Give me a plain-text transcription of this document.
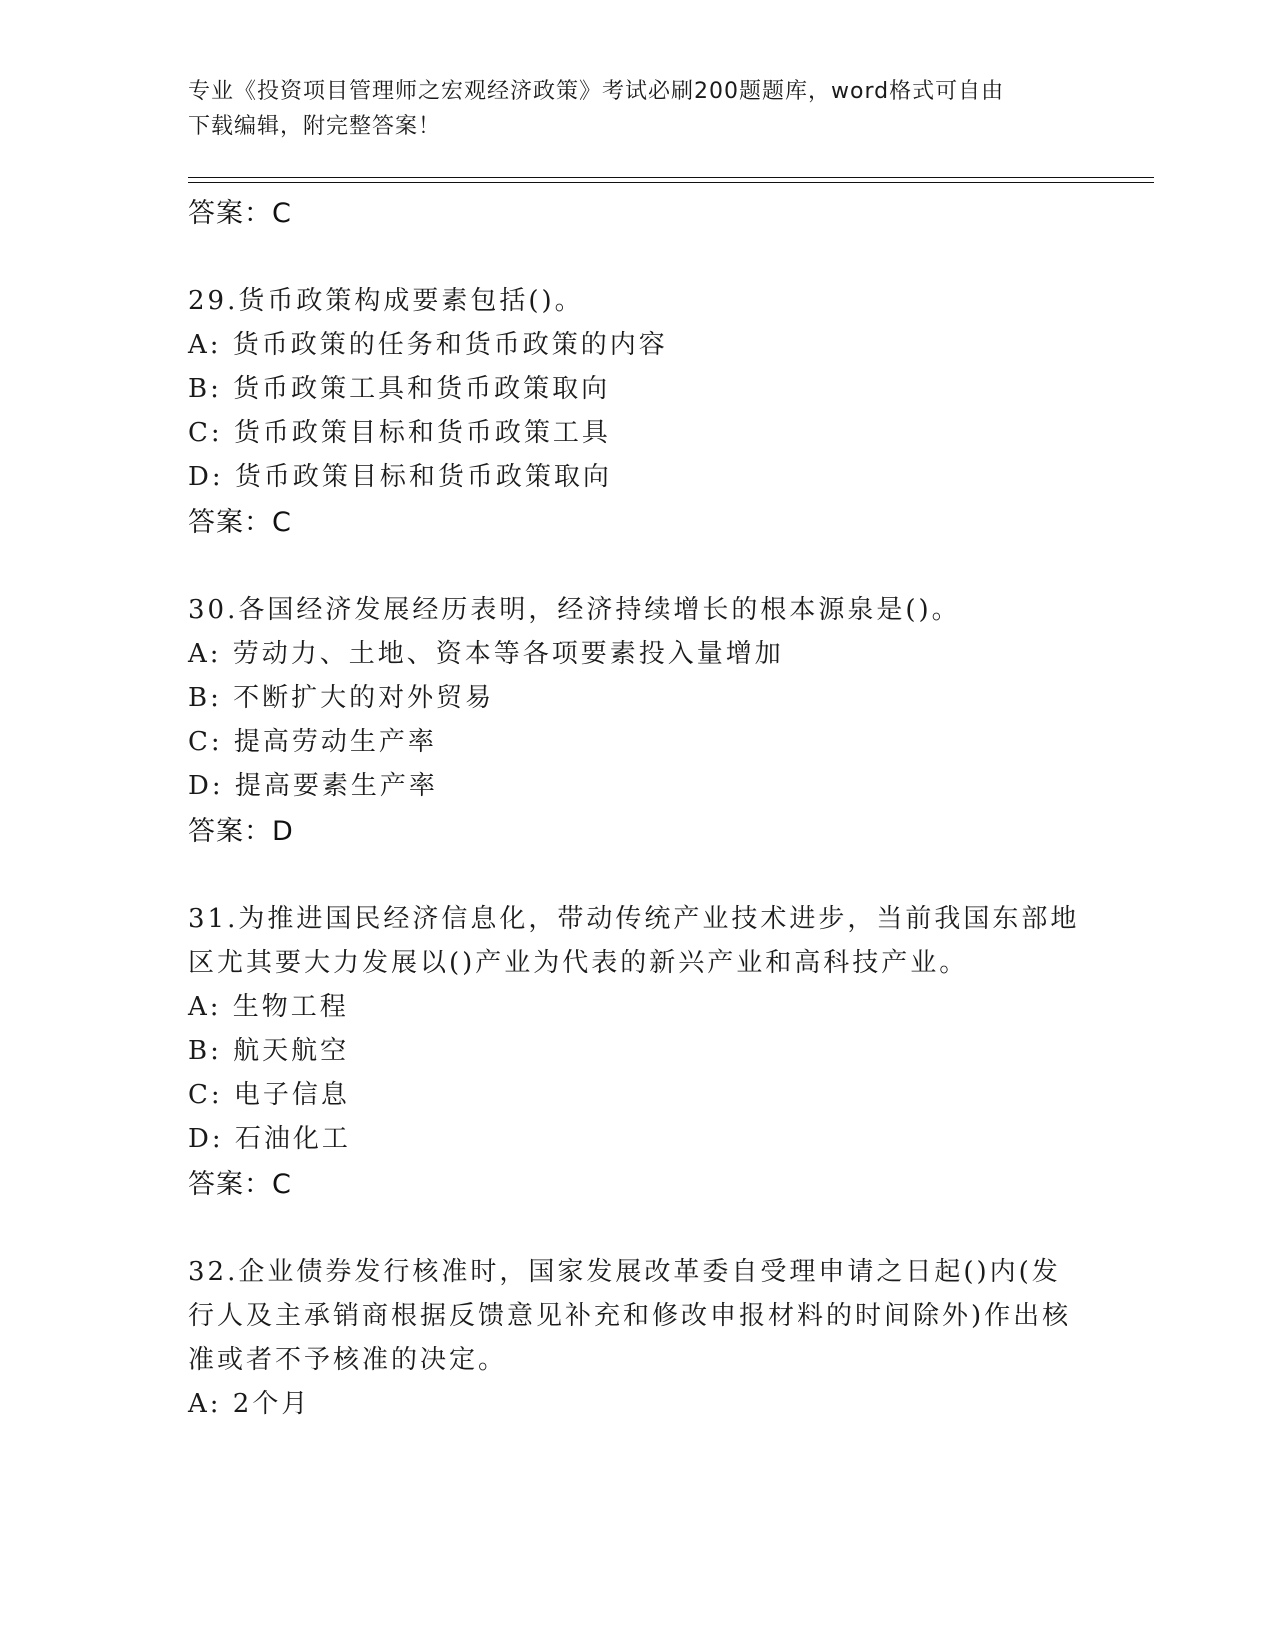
专业《投资项目管理师之宏观经济政策》考试必刷200题题库，word格式可自由
下载编辑，附完整答案！
答案：C
29.货币政策构成要素包括()。
A: 货币政策的任务和货币政策的内容
B: 货币政策工具和货币政策取向
C: 货币政策目标和货币政策工具
D: 货币政策目标和货币政策取向
答案：C
30.各国经济发展经历表明，经济持续增长的根本源泉是()。
A: 劳动力、土地、资本等各项要素投入量增加
B: 不断扩大的对外贸易
C: 提高劳动生产率
D: 提高要素生产率
答案：D
31.为推进国民经济信息化，带动传统产业技术进步，当前我国东部地
区尤其要大力发展以()产业为代表的新兴产业和高科技产业。
A: 生物工程
B: 航天航空
C: 电子信息
D: 石油化工
答案：C
32.企业债券发行核准时，国家发展改革委自受理申请之日起()内(发
行人及主承销商根据反馈意见补充和修改申报材料的时间除外)作出核
准或者不予核准的决定。
A: 2个月
